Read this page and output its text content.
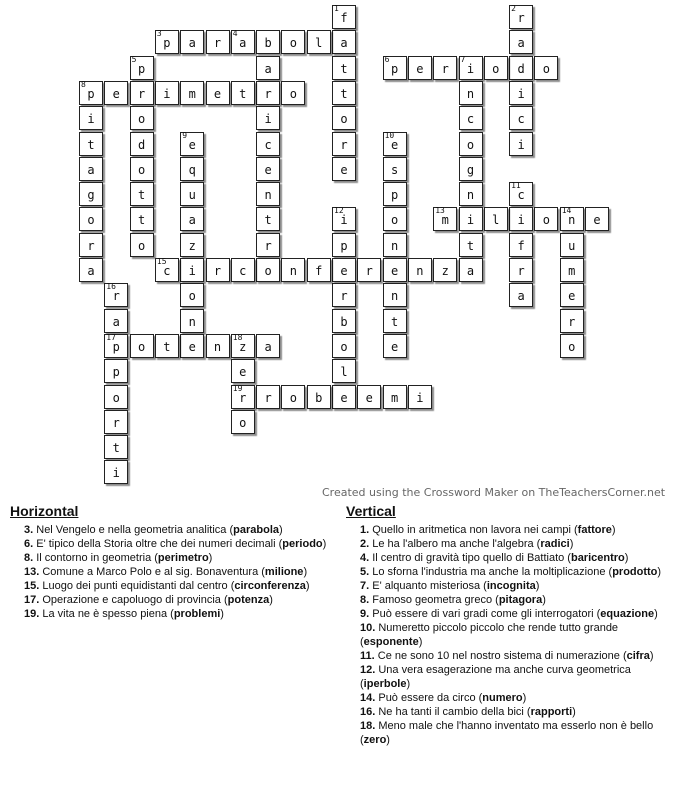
1
f
a
t
t
o
r
e
2
r
a
d
i
c
i
3
p	a	r
4
a	b	o	l
a
r
i
c
e
n
t
r
o
5
p
r
o
d
o
t
t
o
6
p	e	r
7
i	o	o
n
c
o
g
n
i
t
a
8
p	e	i	m	e	t	o
i
t
a
g
o
r
a
9
e
q
u
a
z
i
o
n
e
10
e
s
p
o
n
e
n
t
e
11
c
i
f
r
a
12
i
p
e
r
b
o
l
e
13
m	l	o
14
n	e
u
m
e
r
o
15
c	r	c	n	f	r	n	z
16
r
a
17
p
p
o
r
t
i
o	t	n
18
z	a
e
19
r
o
r	o	b	e	m	i
Created using the Crossword Maker on TheTeachersCorner.net
Horizontal

3. Nel Vengelo e nella geometria analitica (parabola)

6. E' tipico della Storia oltre che dei numeri decimali (periodo)

8. Il contorno in geometria (perimetro)

13. Comune a Marco Polo e al sig. Bonaventura (milione)

15. Luogo dei punti equidistanti dal centro (circonferenza)

17. Operazione e capoluogo di provincia (potenza)

19. La vita ne è spesso piena (problemi)

Vertical

1. Quello in aritmetica non lavora nei campi (fattore)

2. Le ha l'albero ma anche l'algebra (radici)

4. Il centro di gravità tipo quello di Battiato (baricentro)

5. Lo sforna l'industria ma anche la moltiplicazione (prodotto)

7. E' alquanto misteriosa (incognita)

8. Famoso geometra greco (pitagora)

9. Può essere di vari gradi come gli interrogatori (equazione)

10. Numeretto piccolo piccolo che rende tutto grande (esponente)

11. Ce ne sono 10 nel nostro sistema di numerazione (cifra)

12. Una vera esagerazione ma anche curva geometrica (iperbole)

14. Può essere da circo (numero)

16. Ne ha tanti il cambio della bici (rapporti)

18. Meno male che l'hanno inventato ma esserlo non è bello (zero)
